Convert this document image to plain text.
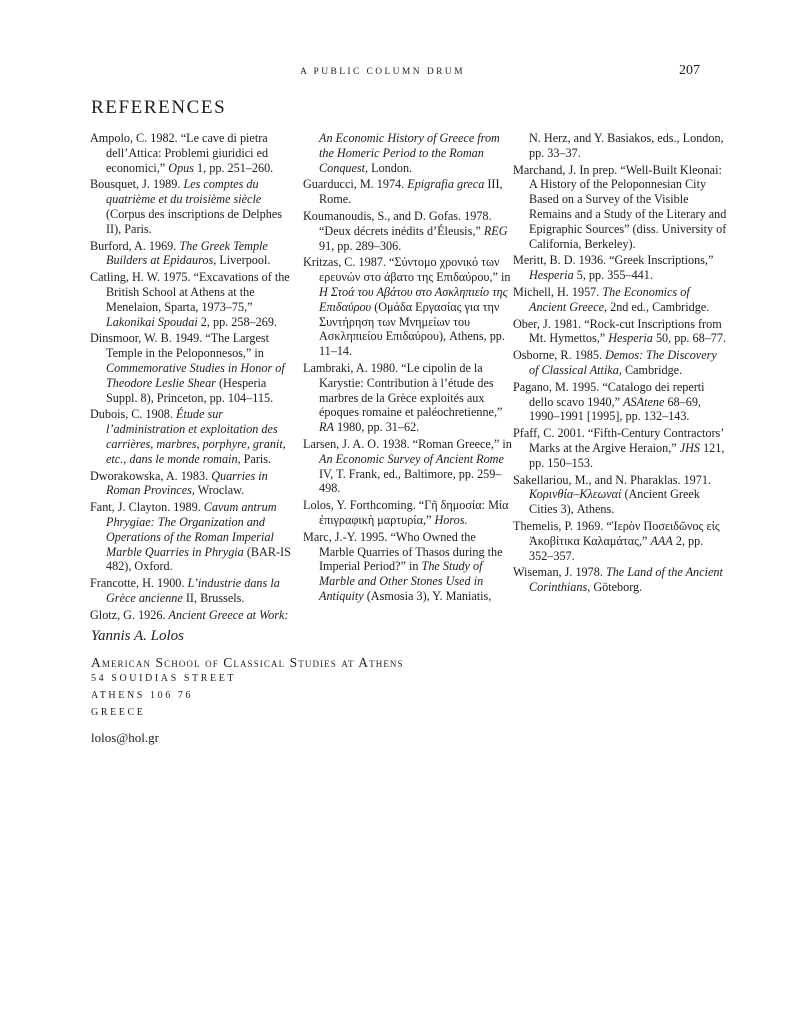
A PUBLIC COLUMN DRUM	207
REFERENCES
Ampolo, C. 1982. “Le cave di pietra dell’Attica: Problemi giuridici ed economici,” Opus 1, pp. 251–260.
Bousquet, J. 1989. Les comptes du quatrième et du troisième siècle (Corpus des inscriptions de Delphes II), Paris.
Burford, A. 1969. The Greek Temple Builders at Epidauros, Liverpool.
Catling, H. W. 1975. “Excavations of the British School at Athens at the Menelaion, Sparta, 1973–75,” Lakonikai Spoudai 2, pp. 258–269.
Dinsmoor, W. B. 1949. “The Largest Temple in the Peloponnesos,” in Commemorative Studies in Honor of Theodore Leslie Shear (Hesperia Suppl. 8), Princeton, pp. 104–115.
Dubois, C. 1908. Étude sur l’administration et exploitation des carrières, marbres, porphyre, granit, etc., dans le monde romain, Paris.
Dworakowska, A. 1983. Quarries in Roman Provinces, Wroclaw.
Fant, J. Clayton. 1989. Cavum antrum Phrygiae: The Organization and Operations of the Roman Imperial Marble Quarries in Phrygia (BAR-IS 482), Oxford.
Francotte, H. 1900. L’industrie dans la Grèce ancienne II, Brussels.
Glotz, G. 1926. Ancient Greece at Work:
An Economic History of Greece from the Homeric Period to the Roman Conquest, London.
Guarducci, M. 1974. Epigrafia greca III, Rome.
Koumanoudis, S., and D. Gofas. 1978. “Deux décrets inédits d’Éleusis,” REG 91, pp. 289–306.
Kritzas, C. 1987. “Σύντομο χρονικό των ερευνών στο άβατο της Επιδαύρου,” in Η Στοά του Αβάτου στο Ασκληπιείο της Επιδαύρου (Ομάδα Εργασίας για την Συντήρηση των Μνημείων του Ασκληπιείου Επιδαύρου), Athens, pp. 11–14.
Lambraki, A. 1980. “Le cipolin de la Karystie: Contribution à l’étude des marbres de la Grèce exploités aux époques romaine et paléochretienne,” RA 1980, pp. 31–62.
Larsen, J. A. O. 1938. “Roman Greece,” in An Economic Survey of Ancient Rome IV, T. Frank, ed., Baltimore, pp. 259–498.
Lolos, Y. Forthcoming. “Γῆ δημοσία: Μία ἐπιγραφικὴ μαρτυρία,” Horos.
Marc, J.-Y. 1995. “Who Owned the Marble Quarries of Thasos during the Imperial Period?” in The Study of Marble and Other Stones Used in Antiquity (Asmosia 3), Y. Maniatis,
N. Herz, and Y. Basiakos, eds., London, pp. 33–37.
Marchand, J. In prep. “Well-Built Kleonai: A History of the Peloponnesian City Based on a Survey of the Visible Remains and a Study of the Literary and Epigraphic Sources” (diss. University of California, Berkeley).
Meritt, B. D. 1936. “Greek Inscriptions,” Hesperia 5, pp. 355–441.
Michell, H. 1957. The Economics of Ancient Greece, 2nd ed., Cambridge.
Ober, J. 1981. “Rock-cut Inscriptions from Mt. Hymettos,” Hesperia 50, pp. 68–77.
Osborne, R. 1985. Demos: The Discovery of Classical Attika, Cambridge.
Pagano, M. 1995. “Catalogo dei reperti dello scavo 1940,” ASAtene 68–69, 1990–1991 [1995], pp. 132–143.
Pfaff, C. 2001. “Fifth-Century Contractors’ Marks at the Argive Heraion,” JHS 121, pp. 150–153.
Sakellariou, M., and N. Pharaklas. 1971. Κορινθία–Κλεωναί (Ancient Greek Cities 3), Athens.
Themelis, P. 1969. “Ἱερὸν Ποσειδῶνος εἰς Ἀκοβίτικα Καλαμάτας,” AAA 2, pp. 352–357.
Wiseman, J. 1978. The Land of the Ancient Corinthians, Göteborg.
Yannis A. Lolos
American School of Classical Studies at Athens
54 SOUIDIAS STREET
ATHENS 106 76
GREECE
lolos@hol.gr
